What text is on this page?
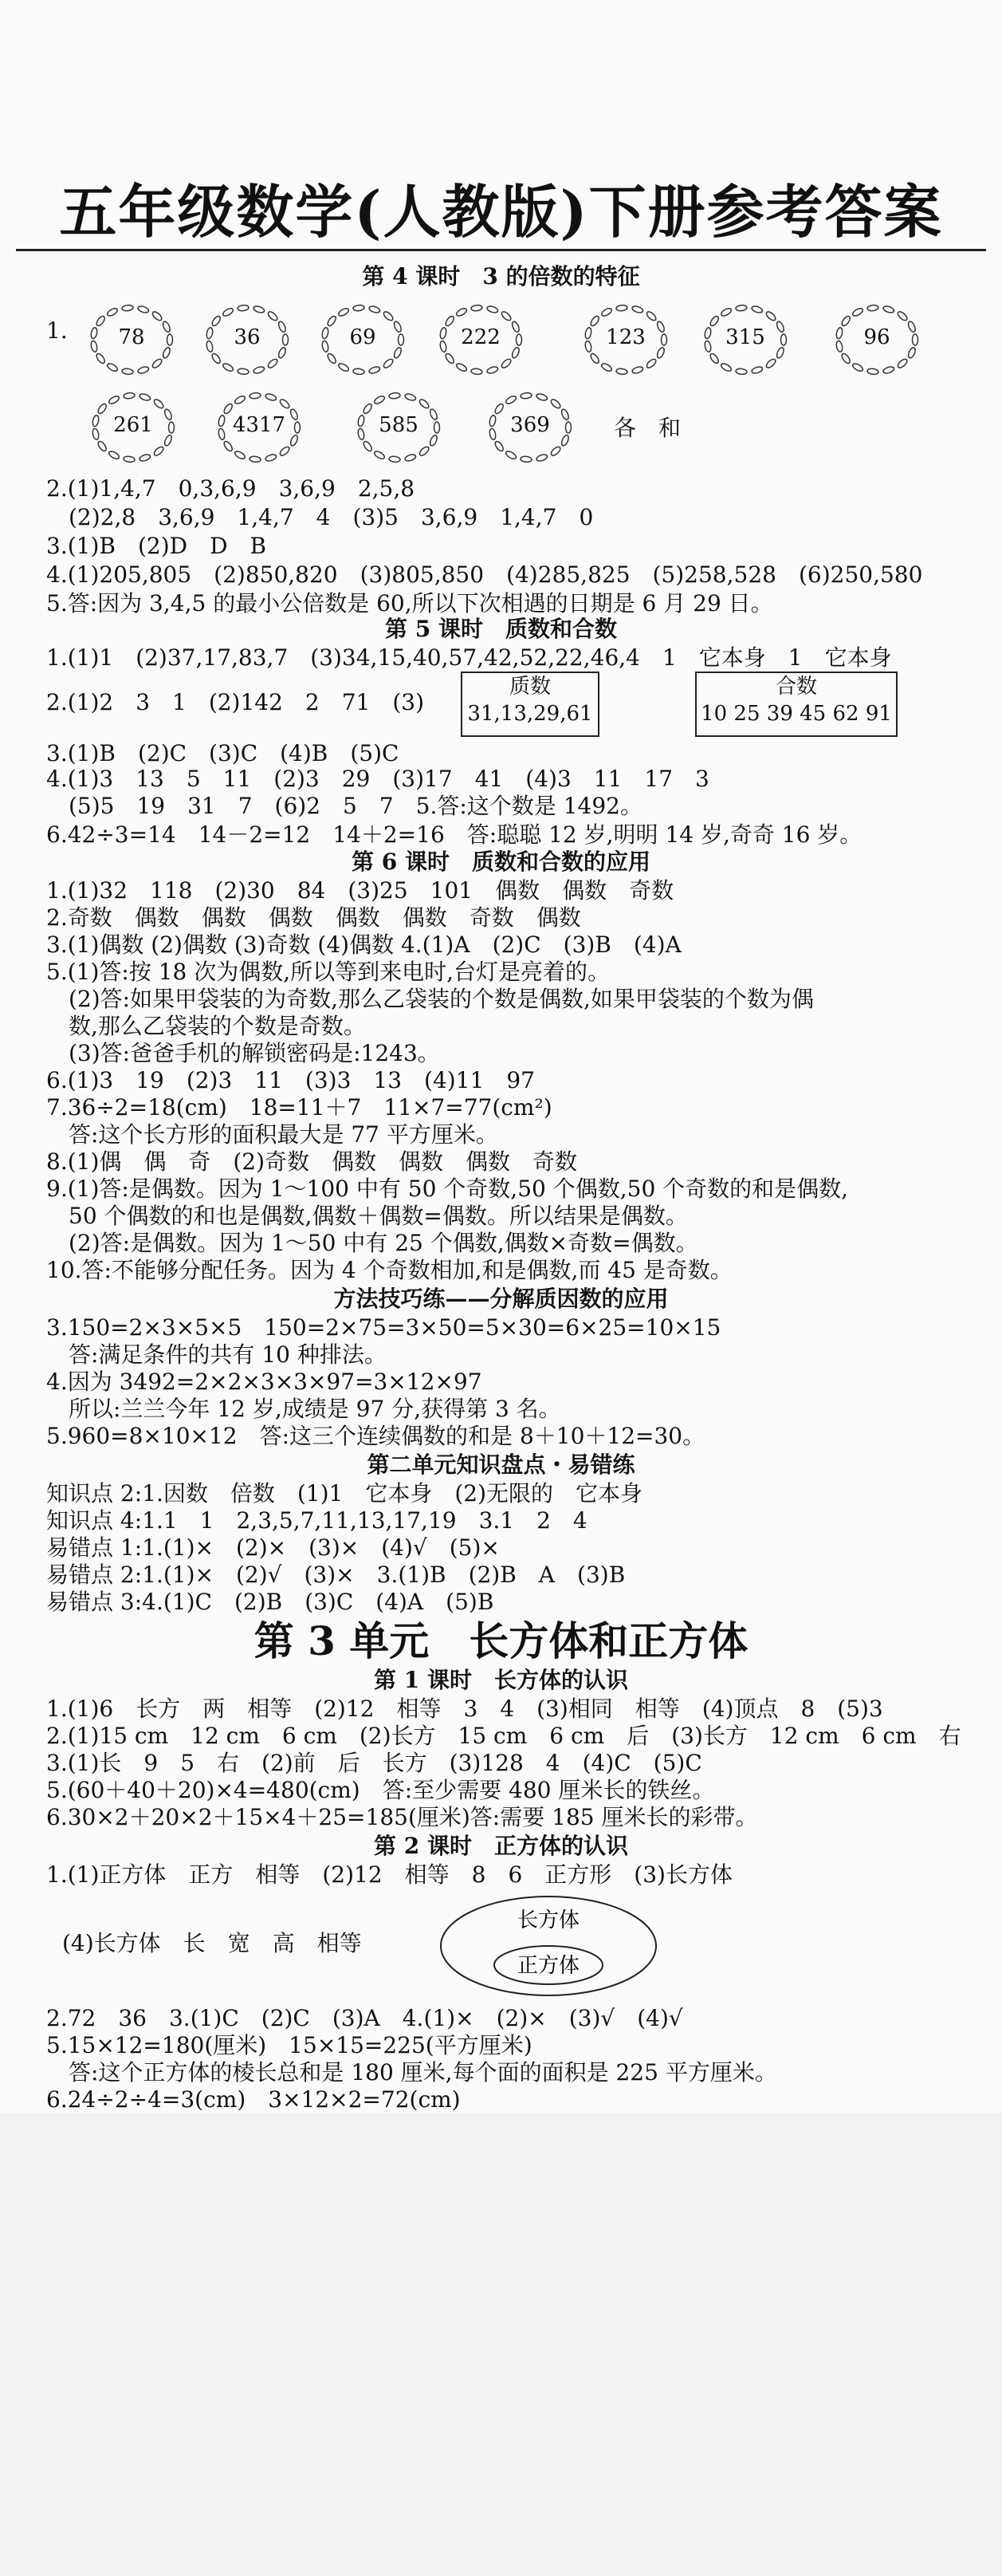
五年级数学(人教版)下册参考答案
第 4 课时　3 的倍数的特征
1.	78	36	69	222	123	315	96
261	4317	585	369	各　和
2.(1)1,4,7　0,3,6,9　3,6,9　2,5,8
　(2)2,8　3,6,9　1,4,7　4　(3)5　3,6,9　1,4,7　0
3.(1)B　(2)D　D　B
4.(1)205,805　(2)850,820　(3)805,850　(4)285,825　(5)258,528　(6)250,580
5.答:因为 3,4,5 的最小公倍数是 60,所以下次相遇的日期是 6 月 29 日。
第 5 课时　质数和合数
1.(1)1　(2)37,17,83,7　(3)34,15,40,57,42,52,22,46,4　1　它本身　1　它本身
2.(1)2　3　1　(2)142　2　71　(3)
质数
31,13,29,61
合数
10 25 39 45 62 91
3.(1)B　(2)C　(3)C　(4)B　(5)C
4.(1)3　13　5　11　(2)3　29　(3)17　41　(4)3　11　17　3
　(5)5　19　31　7　(6)2　5　7　5.答:这个数是 1492。
6.42÷3=14　14－2=12　14＋2=16　答:聪聪 12 岁,明明 14 岁,奇奇 16 岁。
第 6 课时　质数和合数的应用
1.(1)32　118　(2)30　84　(3)25　101　偶数　偶数　奇数
2.奇数　偶数　偶数　偶数　偶数　偶数　奇数　偶数
3.(1)偶数 (2)偶数 (3)奇数 (4)偶数 4.(1)A　(2)C　(3)B　(4)A
5.(1)答:按 18 次为偶数,所以等到来电时,台灯是亮着的。
　(2)答:如果甲袋装的为奇数,那么乙袋装的个数是偶数,如果甲袋装的个数为偶
　数,那么乙袋装的个数是奇数。
　(3)答:爸爸手机的解锁密码是:1243。
6.(1)3　19　(2)3　11　(3)3　13　(4)11　97
7.36÷2=18(cm)　18=11＋7　11×7=77(cm²)
　答:这个长方形的面积最大是 77 平方厘米。
8.(1)偶　偶　奇　(2)奇数　偶数　偶数　偶数　奇数
9.(1)答:是偶数。因为 1～100 中有 50 个奇数,50 个偶数,50 个奇数的和是偶数,
　50 个偶数的和也是偶数,偶数＋偶数=偶数。所以结果是偶数。
　(2)答:是偶数。因为 1～50 中有 25 个偶数,偶数×奇数=偶数。
10.答:不能够分配任务。因为 4 个奇数相加,和是偶数,而 45 是奇数。
方法技巧练——分解质因数的应用
3.150=2×3×5×5　150=2×75=3×50=5×30=6×25=10×15
　答:满足条件的共有 10 种排法。
4.因为 3492=2×2×3×3×97=3×12×97
　所以:兰兰今年 12 岁,成绩是 97 分,获得第 3 名。
5.960=8×10×12　答:这三个连续偶数的和是 8＋10＋12=30。
第二单元知识盘点・易错练
知识点 2:1.因数　倍数　(1)1　它本身　(2)无限的　它本身
知识点 4:1.1　1　2,3,5,7,11,13,17,19　3.1　2　4
易错点 1:1.(1)×　(2)×　(3)×　(4)√　(5)×
易错点 2:1.(1)×　(2)√　(3)×　3.(1)B　(2)B　A　(3)B
易错点 3:4.(1)C　(2)B　(3)C　(4)A　(5)B
第 3 单元　长方体和正方体
第 1 课时　长方体的认识
1.(1)6　长方　两　相等　(2)12　相等　3　4　(3)相同　相等　(4)顶点　8　(5)3
2.(1)15 cm　12 cm　6 cm　(2)长方　15 cm　6 cm　后　(3)长方　12 cm　6 cm　右
3.(1)长　9　5　右　(2)前　后　长方　(3)128　4　(4)C　(5)C
5.(60＋40＋20)×4=480(cm)　答:至少需要 480 厘米长的铁丝。
6.30×2＋20×2＋15×4＋25=185(厘米)答:需要 185 厘米长的彩带。
第 2 课时　正方体的认识
1.(1)正方体　正方　相等　(2)12　相等　8　6　正方形　(3)长方体
(4)长方体　长　宽　高　相等
长方体
正方体
2.72　36　3.(1)C　(2)C　(3)A　4.(1)×　(2)×　(3)√　(4)√
5.15×12=180(厘米)　15×15=225(平方厘米)
　答:这个正方体的棱长总和是 180 厘米,每个面的面积是 225 平方厘米。
6.24÷2÷4=3(cm)　3×12×2=72(cm)
